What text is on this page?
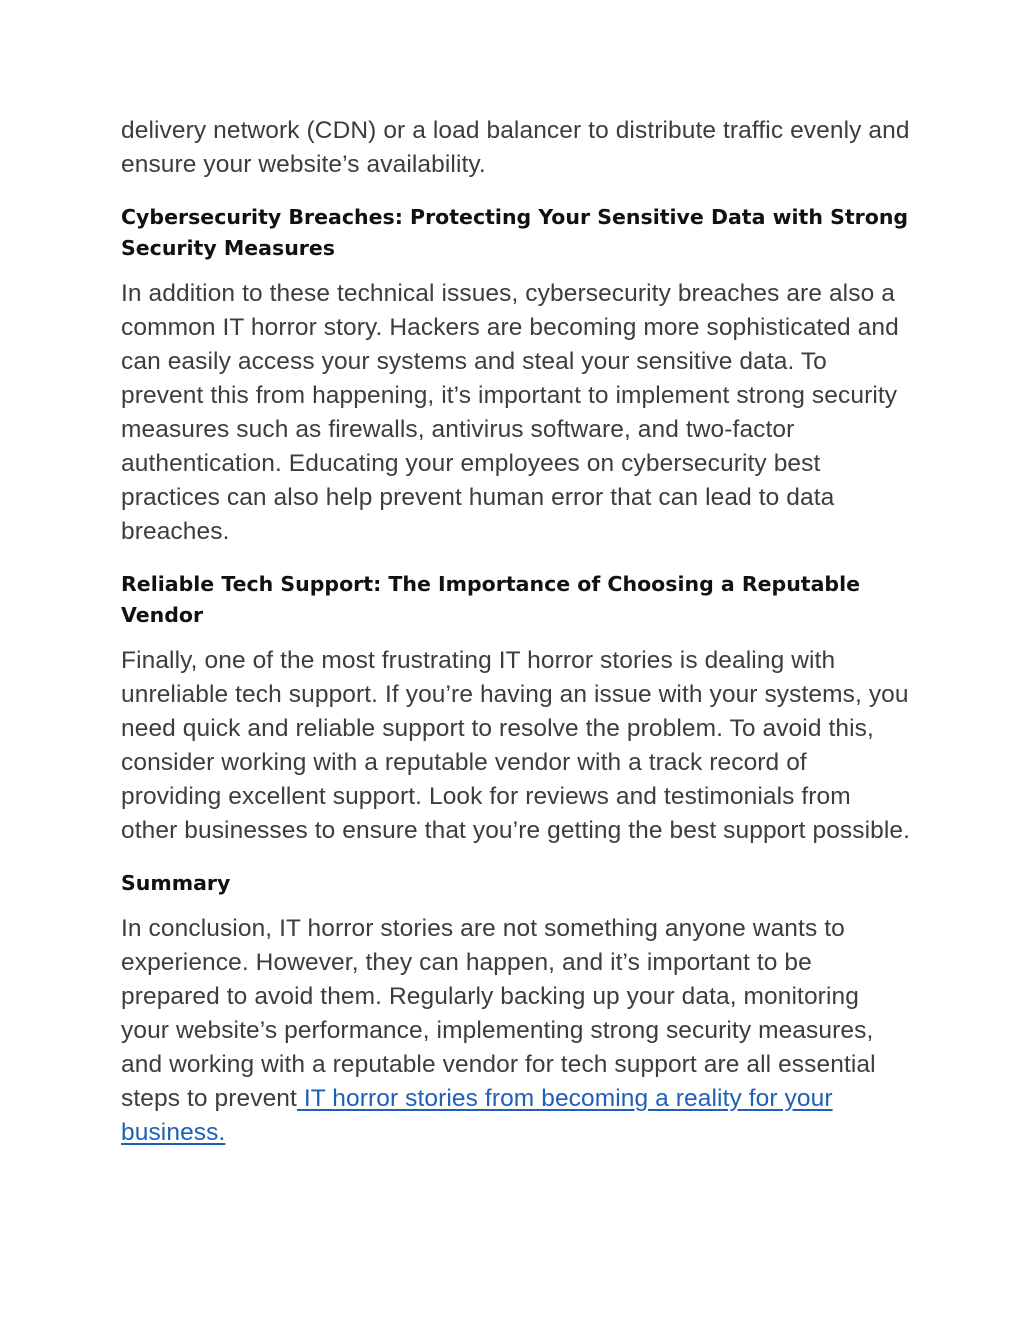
delivery network (CDN) or a load balancer to distribute traffic evenly and ensure your website’s availability.

Cybersecurity Breaches: Protecting Your Sensitive Data with Strong Security Measures

In addition to these technical issues, cybersecurity breaches are also a common IT horror story. Hackers are becoming more sophisticated and can easily access your systems and steal your sensitive data. To prevent this from happening, it’s important to implement strong security measures such as firewalls, antivirus software, and two-factor authentication. Educating your employees on cybersecurity best practices can also help prevent human error that can lead to data breaches.

Reliable Tech Support: The Importance of Choosing a Reputable Vendor

Finally, one of the most frustrating IT horror stories is dealing with unreliable tech support. If you’re having an issue with your systems, you need quick and reliable support to resolve the problem. To avoid this, consider working with a reputable vendor with a track record of providing excellent support. Look for reviews and testimonials from other businesses to ensure that you’re getting the best support possible.

Summary

In conclusion, IT horror stories are not something anyone wants to experience. However, they can happen, and it’s important to be prepared to avoid them. Regularly backing up your data, monitoring your website’s performance, implementing strong security measures, and working with a reputable vendor for tech support are all essential steps to prevent IT horror stories from becoming a reality for your business.
